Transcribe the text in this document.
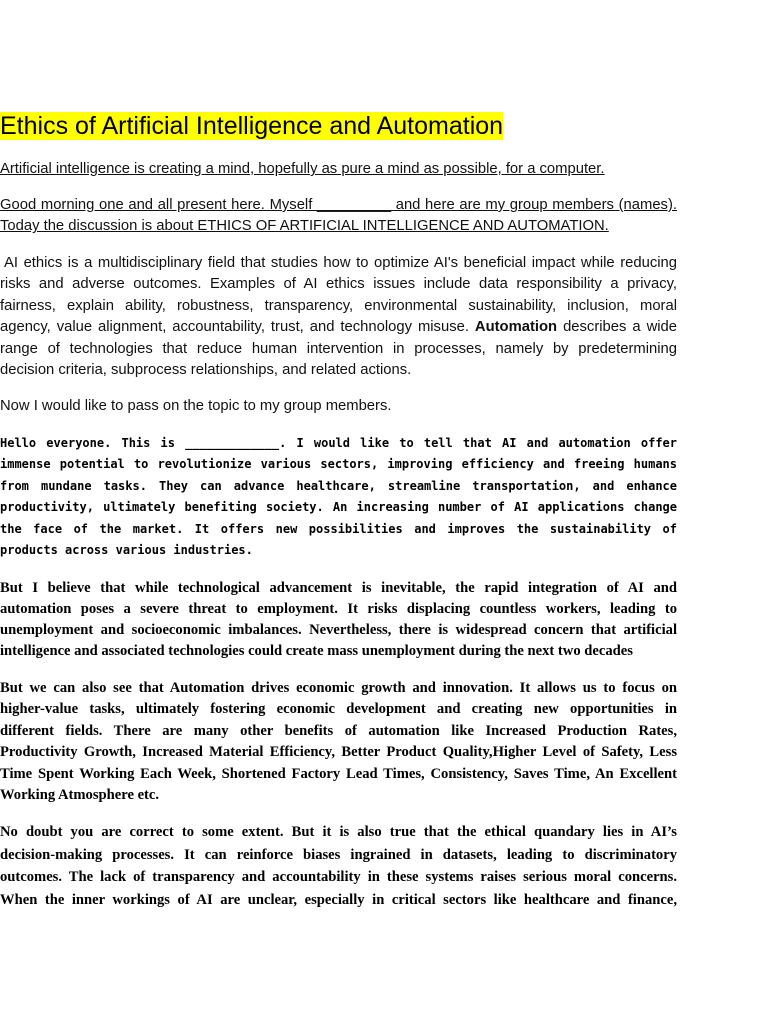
Ethics of Artificial Intelligence and Automation
Artificial intelligence is creating a mind, hopefully as pure a mind as possible, for a computer.
Good morning one and all present here. Myself _________ and here are my group members (names).
Today the discussion is about ETHICS OF ARTIFICIAL INTELLIGENCE AND AUTOMATION.
AI ethics is a multidisciplinary field that studies how to optimize AI's beneficial impact while reducing
risks and adverse outcomes. Examples of AI ethics issues include data responsibility a privacy,
fairness, explain ability, robustness, transparency, environmental sustainability, inclusion, moral
agency, value alignment, accountability, trust, and technology misuse. Automation describes a wide
range of technologies that reduce human intervention in processes, namely by predetermining
decision criteria, subprocess relationships, and related actions.
Now I would like to pass on the topic to my group members.
Hello everyone. This is _____________. I would like to tell that AI and automation offer
immense potential to revolutionize various sectors, improving efficiency and freeing humans
from mundane tasks. They can advance healthcare, streamline transportation, and enhance
productivity, ultimately benefiting society. An increasing number of AI applications change
the face of the market. It offers new possibilities and improves the sustainability of
products across various industries.
But I believe that while technological advancement is inevitable, the rapid integration of AI and
automation poses a severe threat to employment. It risks displacing countless workers, leading to
unemployment and socioeconomic imbalances. Nevertheless, there is widespread concern that artificial
intelligence and associated technologies could create mass unemployment during the next two decades
But we can also see that Automation drives economic growth and innovation. It allows us to focus on
higher-value tasks, ultimately fostering economic development and creating new opportunities in
different fields. There are many other benefits of automation like Increased Production Rates,
Productivity Growth, Increased Material Efficiency, Better Product Quality,Higher Level of Safety, Less
Time Spent Working Each Week, Shortened Factory Lead Times, Consistency, Saves Time, An Excellent
Working Atmosphere etc.
No doubt you are correct to some extent. But it is also true that the ethical quandary lies in AI’s
decision-making processes. It can reinforce biases ingrained in datasets, leading to discriminatory
outcomes. The lack of transparency and accountability in these systems raises serious moral concerns.
When the inner workings of AI are unclear, especially in critical sectors like healthcare and finance,
